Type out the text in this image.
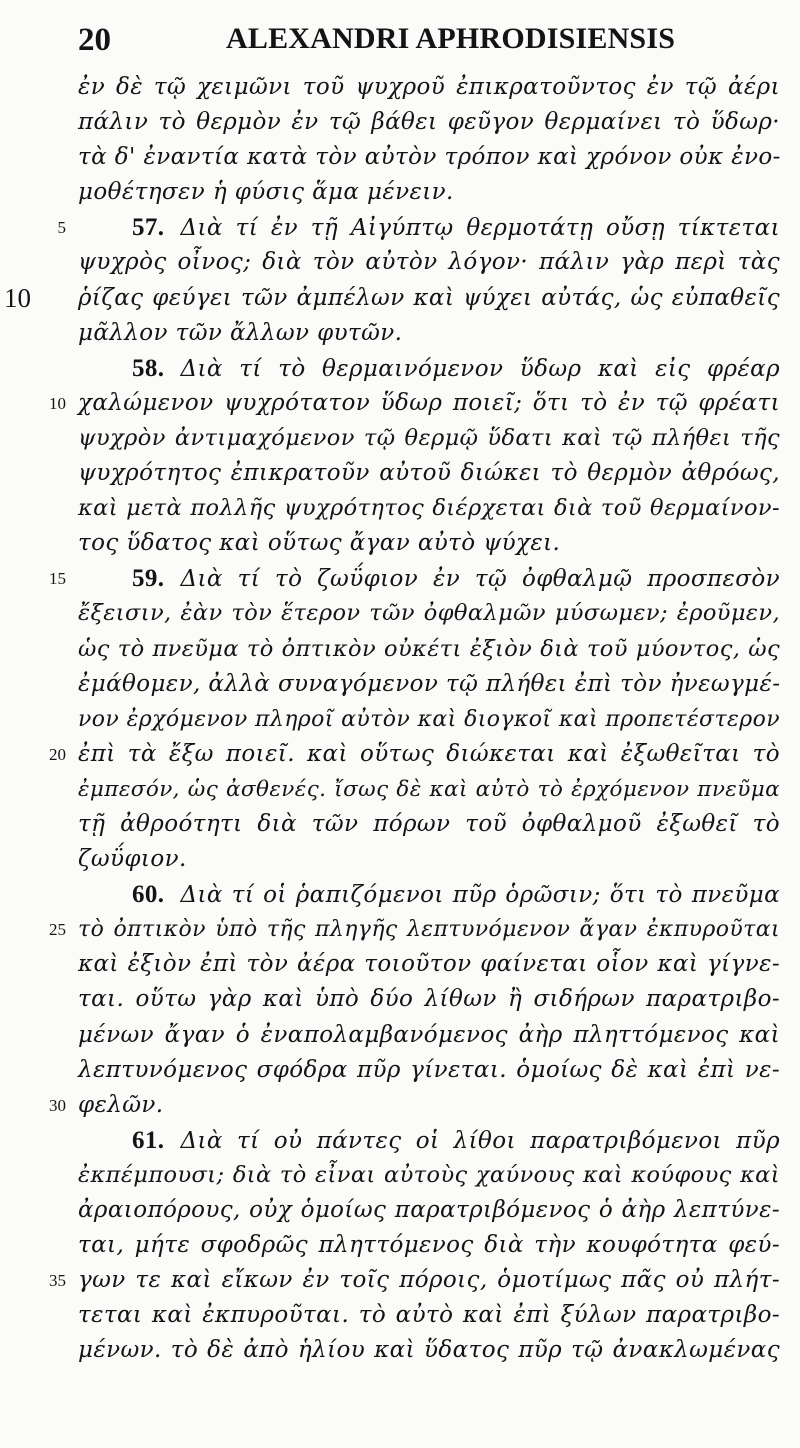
20	ALEXANDRI APHRODISIENSIS
ἐν δὲ τῷ χειμῶνι τοῦ ψυχροῦ ἐπικρατοῦντος ἐν τῷ ἀέρι
πάλιν τὸ θερμὸν ἐν τῷ βάθει φεῦγον θερμαίνει τὸ ὕδωρ·
τὰ δ' ἐναντία κατὰ τὸν αὐτὸν τρόπον καὶ χρόνον οὐκ ἐνο-
μοθέτησεν ἡ φύσις ἅμα μένειν.
5	57. Διὰ τί ἐν τῇ Αἰγύπτῳ θερμοτάτῃ οὔσῃ τίκτεται
ψυχρὸς οἶνος; διὰ τὸν αὐτὸν λόγον· πάλιν γὰρ περὶ τὰς
10	ῥίζας φεύγει τῶν ἀμπέλων καὶ ψύχει αὐτάς, ὡς εὐπαθεῖς
μᾶλλον τῶν ἄλλων φυτῶν.
58. Διὰ τί τὸ θερμαινόμενον ὕδωρ καὶ εἰς φρέαρ
10 χαλώμενον ψυχρότατον ὕδωρ ποιεῖ; ὅτι τὸ ἐν τῷ φρέατι
ψυχρὸν ἀντιμαχόμενον τῷ θερμῷ ὕδατι καὶ τῷ πλήθει τῆς
ψυχρότητος ἐπικρατοῦν αὐτοῦ διώκει τὸ θερμὸν ἀθρόως,
καὶ μετὰ πολλῆς ψυχρότητος διέρχεται διὰ τοῦ θερμαίνον-
τος ὕδατος καὶ οὕτως ἄγαν αὐτὸ ψύχει.
15	59. Διὰ τί τὸ ζωΰφιον ἐν τῷ ὀφθαλμῷ προσπεσὸν
ἔξεισιν, ἐὰν τὸν ἕτερον τῶν ὀφθαλμῶν μύσωμεν; ἐροῦμεν,
ὡς τὸ πνεῦμα τὸ ὀπτικὸν οὐκέτι ἐξιὸν διὰ τοῦ μύοντος, ὡς
ἐμάθομεν, ἀλλὰ συναγόμενον τῷ πλήθει ἐπὶ τὸν ἠνεωγμέ-
νον ἐρχόμενον πληροῖ αὐτὸν καὶ διογκοῖ καὶ προπετέστερον
20 ἐπὶ τὰ ἔξω ποιεῖ. καὶ οὕτως διώκεται καὶ ἐξωθεῖται τὸ
ἐμπεσόν, ὡς ἀσθενές. ἴσως δὲ καὶ αὐτὸ τὸ ἐρχόμενον πνεῦμα
τῇ ἀθροότητι διὰ τῶν πόρων τοῦ ὀφθαλμοῦ ἐξωθεῖ τὸ
ζωΰφιον.
60. Διὰ τί οἱ ῥαπιζόμενοι πῦρ ὁρῶσιν; ὅτι τὸ πνεῦμα
25 τὸ ὀπτικὸν ὑπὸ τῆς πληγῆς λεπτυνόμενον ἄγαν ἐκπυροῦται
καὶ ἐξιὸν ἐπὶ τὸν ἀέρα τοιοῦτον φαίνεται οἷον καὶ γίγνε-
ται. οὕτω γὰρ καὶ ὑπὸ δύο λίθων ἢ σιδήρων παρατριβο-
μένων ἄγαν ὁ ἐναπολαμβανόμενος ἀὴρ πληττόμενος καὶ
λεπτυνόμενος σφόδρα πῦρ γίνεται. ὁμοίως δὲ καὶ ἐπὶ νε-
30 φελῶν.
61. Διὰ τί οὐ πάντες οἱ λίθοι παρατριβόμενοι πῦρ
ἐκπέμπουσι; διὰ τὸ εἶναι αὐτοὺς χαύνους καὶ κούφους καὶ
ἀραιοπόρους, οὐχ ὁμοίως παρατριβόμενος ὁ ἀὴρ λεπτύνε-
ται, μήτε σφοδρῶς πληττόμενος διὰ τὴν κουφότητα φεύ-
35 γων τε καὶ εἴκων ἐν τοῖς πόροις, ὁμοτίμως πᾶς οὐ πλήτ-
τεται καὶ ἐκπυροῦται. τὸ αὐτὸ καὶ ἐπὶ ξύλων παρατριβο-
μένων. τὸ δὲ ἀπὸ ἡλίου καὶ ὕδατος πῦρ τῷ ἀνακλωμένας
